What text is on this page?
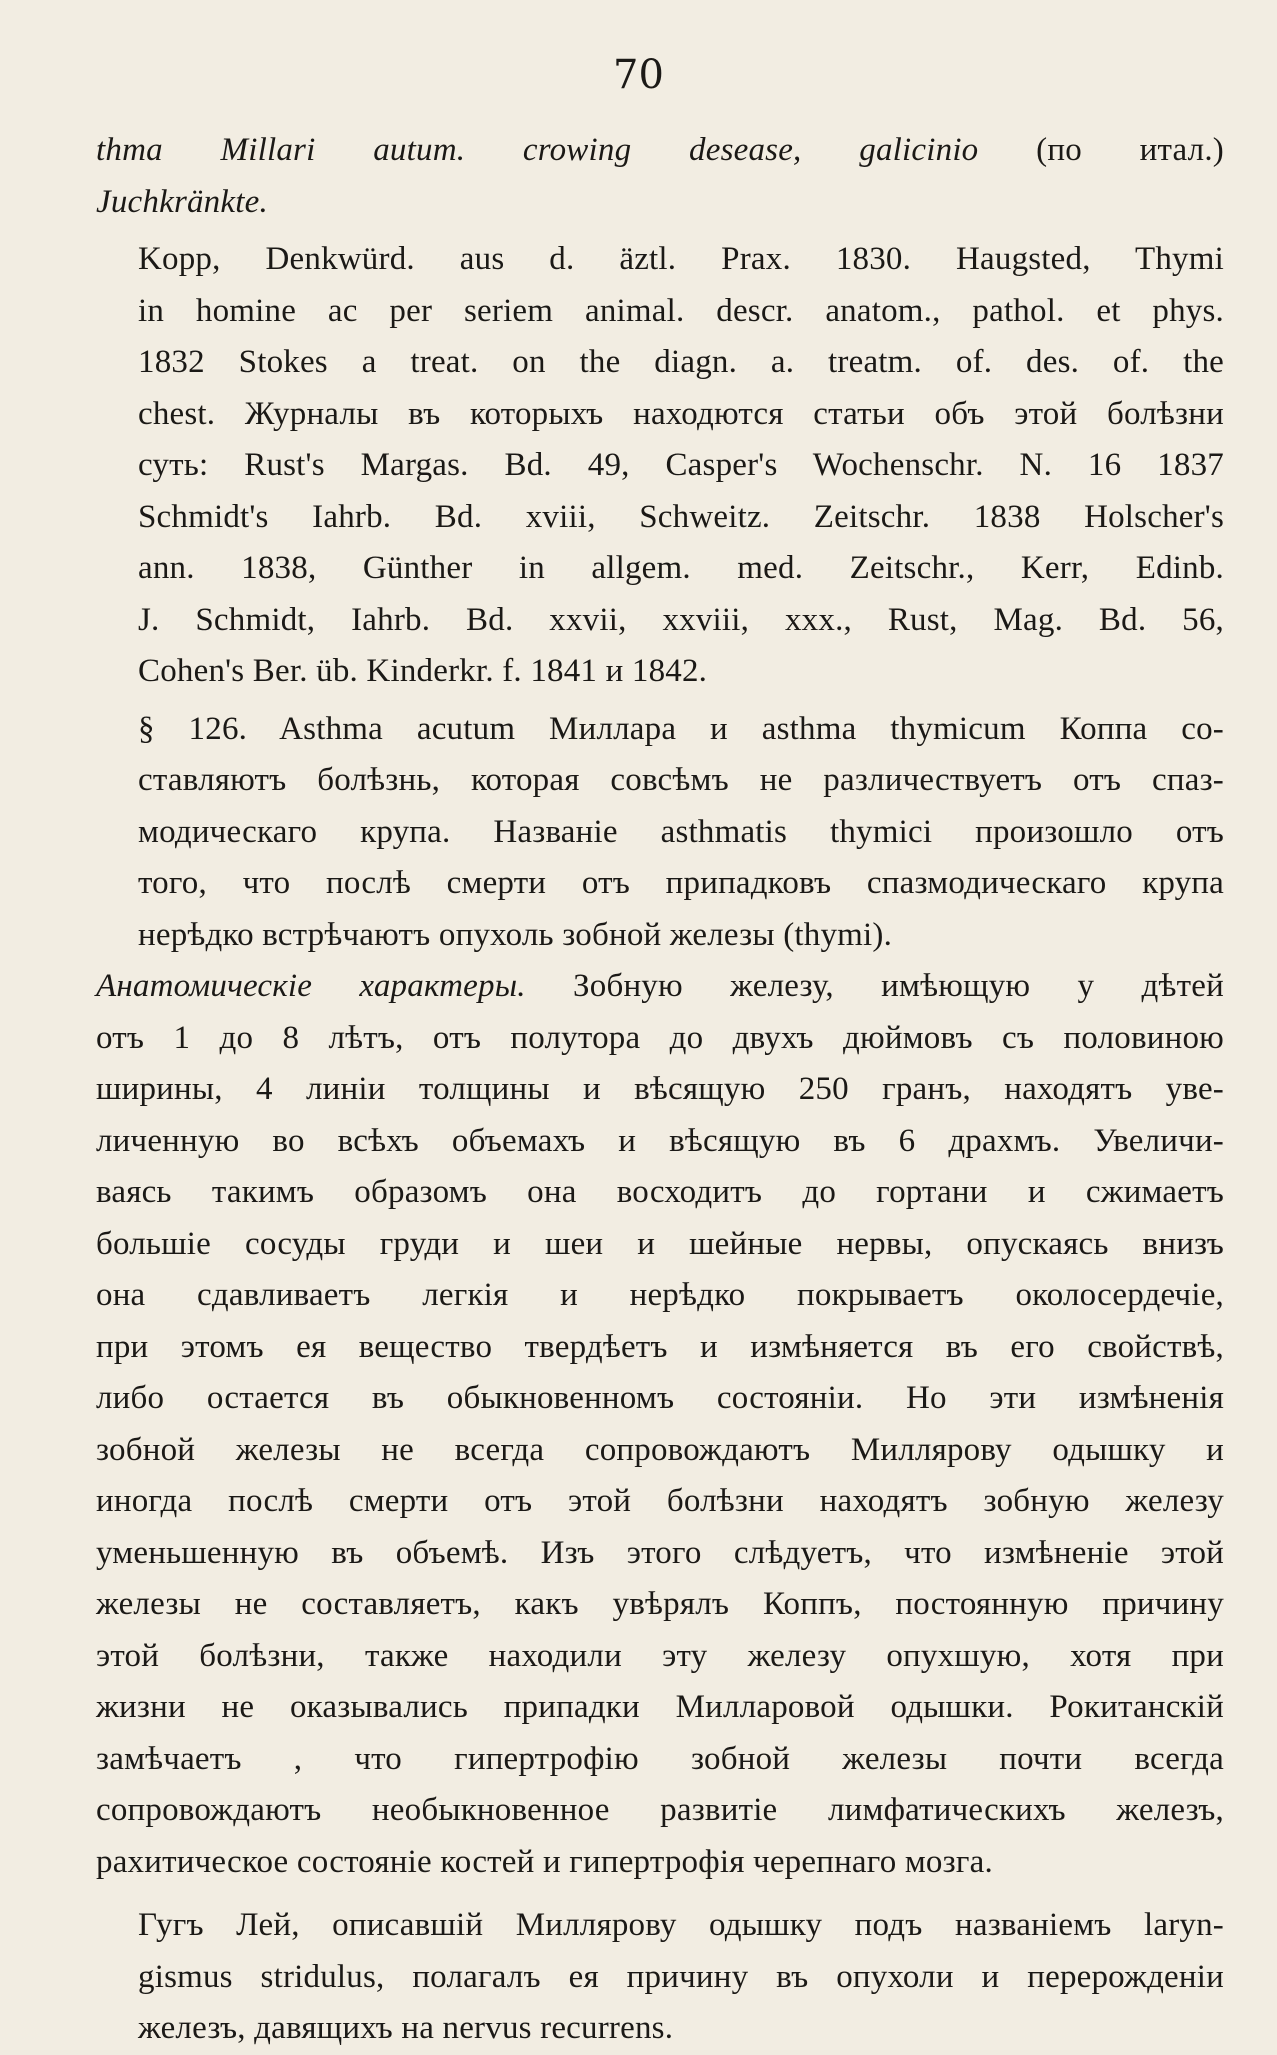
70

thma Millari autum. crowing desease, galicinio (по итал.)
Juchkränkte.

Kopp, Denkwürd. aus d. äztl. Prax. 1830. Haugsted, Thymi
in homine ac per seriem animal. descr. anatom., pathol. et phys.
1832 Stokes a treat. on the diagn. a. treatm. of. des. of. the
chest. Журналы въ которыхъ находются статьи объ этой болѣзни
суть: Rust's Margas. Bd. 49, Casper's Wochenschr. N. 16 1837
Schmidt's Iahrb. Bd. xviii, Schweitz. Zeitschr. 1838 Holscher's
ann. 1838, Günther in allgem. med. Zeitschr., Kerr, Edinb.
J. Schmidt, Iahrb. Bd. xxvii, xxviii, xxx., Rust, Mag. Bd. 56,
Cohen's Ber. üb. Kinderkr. f. 1841 и 1842.

§ 126. Asthma acutum Миллара и asthma thymicum Коппа со-
ставляютъ болѣзнь, которая совсѣмъ не различествуетъ отъ спаз-
модическаго крупа. Названіе asthmatis thymici произошло отъ
того, что послѣ смерти отъ припадковъ спазмодическаго крупа
нерѣдко встрѣчаютъ опухоль зобной железы (thymi).

Анатомическіе характеры. Зобную железу, имѣющую у дѣтей
отъ 1 до 8 лѣтъ, отъ полутора до двухъ дюймовъ съ половиною
ширины, 4 линіи толщины и вѣсящую 250 гранъ, находятъ уве-
личенную во всѣхъ объемахъ и вѣсящую въ 6 драхмъ. Увеличи-
ваясь такимъ образомъ она восходитъ до гортани и сжимаетъ
большіе сосуды груди и шеи и шейные нервы, опускаясь внизъ
она сдавливаетъ легкія и нерѣдко покрываетъ околосердечіе,
при этомъ ея вещество твердѣетъ и измѣняется въ его свойствѣ,
либо остается въ обыкновенномъ состояніи. Но эти измѣненія
зобной железы не всегда сопровождаютъ Миллярову одышку и
иногда послѣ смерти отъ этой болѣзни находятъ зобную железу
уменьшенную въ объемѣ. Изъ этого слѣдуетъ, что измѣненіе этой
железы не составляетъ, какъ увѣрялъ Коппъ, постоянную причину
этой болѣзни, также находили эту железу опухшую, хотя при
жизни не оказывались припадки Милларовой одышки. Рокитанскій
замѣчаетъ , что гипертрофію зобной железы почти всегда
сопровождаютъ необыкновенное развитіе лимфатическихъ железъ,
рахитическое состояніе костей и гипертрофія черепнаго мозга.

Гугъ Лей, описавшій Миллярову одышку подъ названіемъ laryn-
gismus stridulus, полагалъ ея причину въ опухоли и перерожденіи
железъ, давящихъ на nervus recurrens.
